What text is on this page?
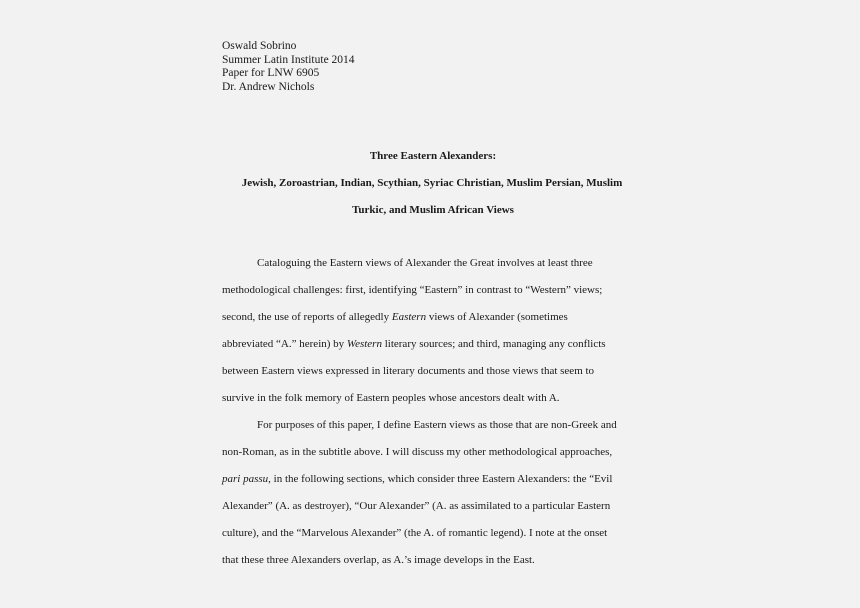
Oswald Sobrino
Summer Latin Institute 2014
Paper for LNW 6905
Dr. Andrew Nichols
Three Eastern Alexanders:
Jewish, Zoroastrian, Indian, Scythian, Syriac Christian, Muslim Persian, Muslim
Turkic, and Muslim African Views
Cataloguing the Eastern views of Alexander the Great involves at least three
methodological challenges: first, identifying “Eastern” in contrast to “Western” views;
second, the use of reports of allegedly Eastern views of Alexander (sometimes
abbreviated “A.” herein) by Western literary sources; and third, managing any conflicts
between Eastern views expressed in literary documents and those views that seem to
survive in the folk memory of Eastern peoples whose ancestors dealt with A.
For purposes of this paper, I define Eastern views as those that are non-Greek and
non-Roman, as in the subtitle above. I will discuss my other methodological approaches,
pari passu, in the following sections, which consider three Eastern Alexanders: the “Evil
Alexander” (A. as destroyer), “Our Alexander” (A. as assimilated to a particular Eastern
culture), and the “Marvelous Alexander” (the A. of romantic legend). I note at the onset
that these three Alexanders overlap, as A.’s image develops in the East.
